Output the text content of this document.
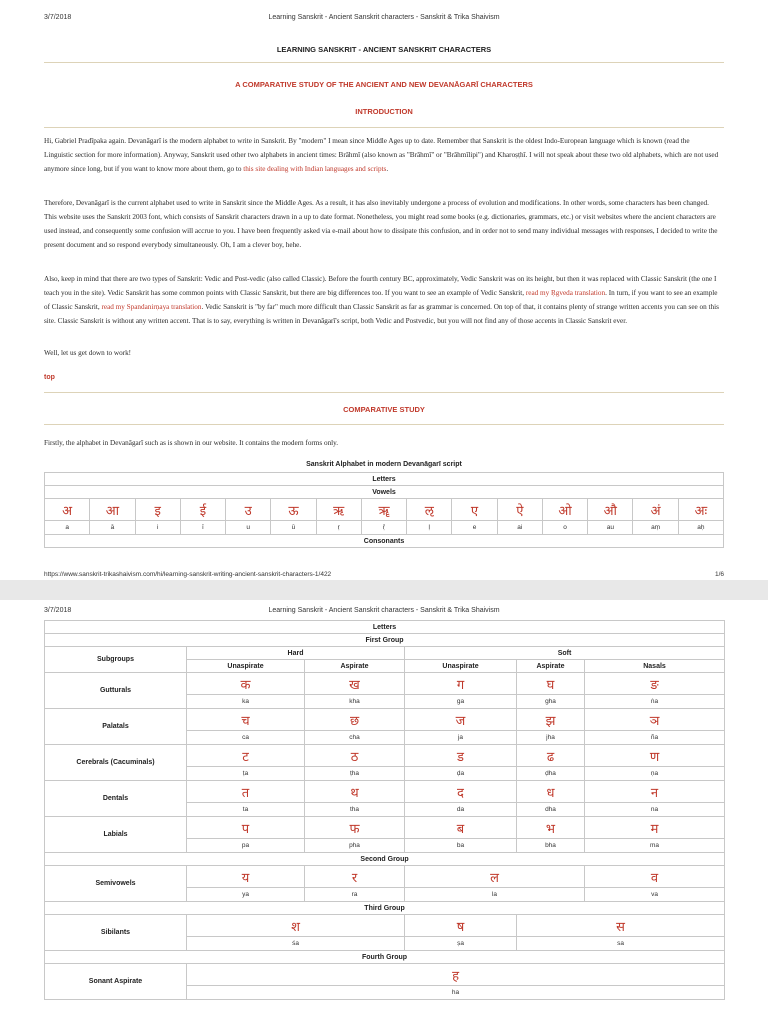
3/7/2018	Learning Sanskrit - Ancient Sanskrit characters - Sanskrit & Trika Shaivism
LEARNING SANSKRIT - ANCIENT SANSKRIT CHARACTERS
A COMPARATIVE STUDY OF THE ANCIENT AND NEW DEVANĀGARĪ CHARACTERS
INTRODUCTION
Hi, Gabriel Pradīpaka again. Devanāgarī is the modern alphabet to write in Sanskrit. By "modern" I mean since Middle Ages up to date. Remember that Sanskrit is the oldest Indo-European language which is known (read the Linguistic section for more information). Anyway, Sanskrit used other two alphabets in ancient times: Brāhmī (also known as "Brāhmī" or "Brāhmīlipi") and Kharoṣṭhī. I will not speak about these two old alphabets, which are not used anymore since long, but if you want to know more about them, go to this site dealing with Indian languages and scripts.
Therefore, Devanāgarī is the current alphabet used to write in Sanskrit since the Middle Ages. As a result, it has also inevitably undergone a process of evolution and modifications. In other words, some characters has been changed. This website uses the Sanskrit 2003 font, which consists of Sanskrit characters drawn in a up to date format. Nonetheless, you might read some books (e.g. dictionaries, grammars, etc.) or visit websites where the ancient characters are used instead, and consequently some confusion will accrue to you. I have been frequently asked via e-mail about how to dissipate this confusion, and in order not to send many individual messages with responses, I decided to write the present document and so respond everybody simultaneously. Oh, I am a clever boy, hehe.
Also, keep in mind that there are two types of Sanskrit: Vedic and Post-vedic (also called Classic). Before the fourth century BC, approximately, Vedic Sanskrit was on its height, but then it was replaced with Classic Sanskrit (the one I teach you in the site). Vedic Sanskrit has some common points with Classic Sanskrit, but there are big differences too. If you want to see an example of Vedic Sanskrit, read my Ṛgveda translation. In turn, if you want to see an example of Classic Sanskrit, read my Spandanirṇaya translation. Vedic Sanskrit is "by far" much more difficult than Classic Sanskrit as far as grammar is concerned. On top of that, it contains plenty of strange written accents you can see on this site. Classic Sanskrit is without any written accent. That is to say, everything is written in Devanāgarī's script, both Vedic and Postvedic, but you will not find any of those accents in Classic Sanskrit ever.
Well, let us get down to work!
top
COMPARATIVE STUDY
Firstly, the alphabet in Devanāgarī such as is shown in our website. It contains the modern forms only.
Sanskrit Alphabet in modern Devanāgarī script
Letters														
Vowels														
अ	आ	इ	ई	उ	ऊ	ऋ	ॠ	ऌ	ए	ऐ	ओ	औ	अं	अः
a	ā	i	ī	u	ū	ṛ	ṝ	ḷ	e	ai	o	au	aṃ	aḥ
Consonants														
https://www.sanskrit-trikashaivism.com/hi/learning-sanskrit-writing-ancient-sanskrit-characters-1/422	1/6
3/7/2018	Learning Sanskrit - Ancient Sanskrit characters - Sanskrit & Trika Shaivism
Letters					
First Group					
Subgroups	Hard		Soft		
	Unaspirate	Aspirate	Unaspirate	Aspirate	Nasals
Gutturals	क	ख	ग	घ	ङ
	ka	kha	ga	gha	ṅa
Palatals	च	छ	ज	झ	ञ
	ca	cha	ja	jha	ña
Cerebrals (Cacuminals)	ट	ठ	ड	ढ	ण
	ṭa	ṭha	ḍa	ḍha	ṇa
Dentals	त	थ	द	ध	न
	ta	tha	da	dha	na
Labials	प	फ	ब	भ	म
	pa	pha	ba	bha	ma
Second Group					
Semivowels	य	र	ल		व
	ya	ra	la		va
Third Group					
Sibilants	श		ष	स	
	śa		ṣa	sa	
Fourth Group					
Sonant Aspirate	ह				
	ha				
